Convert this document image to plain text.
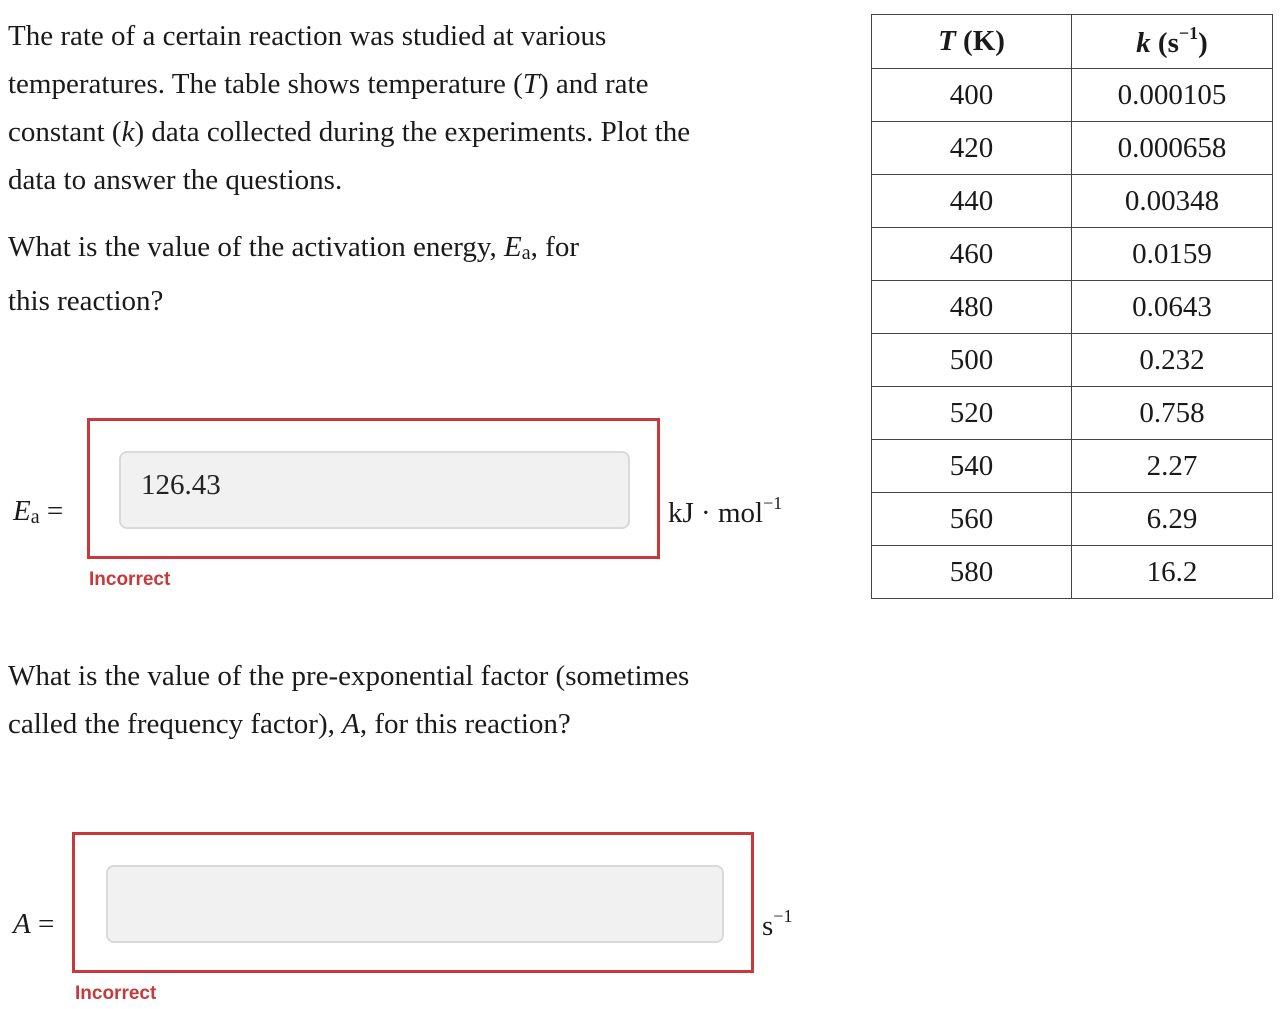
The rate of a certain reaction was studied at various
temperatures. The table shows temperature (T) and rate
constant (k) data collected during the experiments. Plot the
data to answer the questions.

What is the value of the activation energy, Ea, for
this reaction?

Ea =
126.43
kJ · mol$^{-1}$
Incorrect

What is the value of the pre-exponential factor (sometimes
called the frequency factor), A, for this reaction?

A =	$s^{-1}$
Incorrect
T (K)	k $(s^{-1})$
400	0.000105
420	0.000658
440	0.00348
460	0.0159
480	0.0643
500	0.232
520	0.758
540	2.27
560	6.29
580	16.2
